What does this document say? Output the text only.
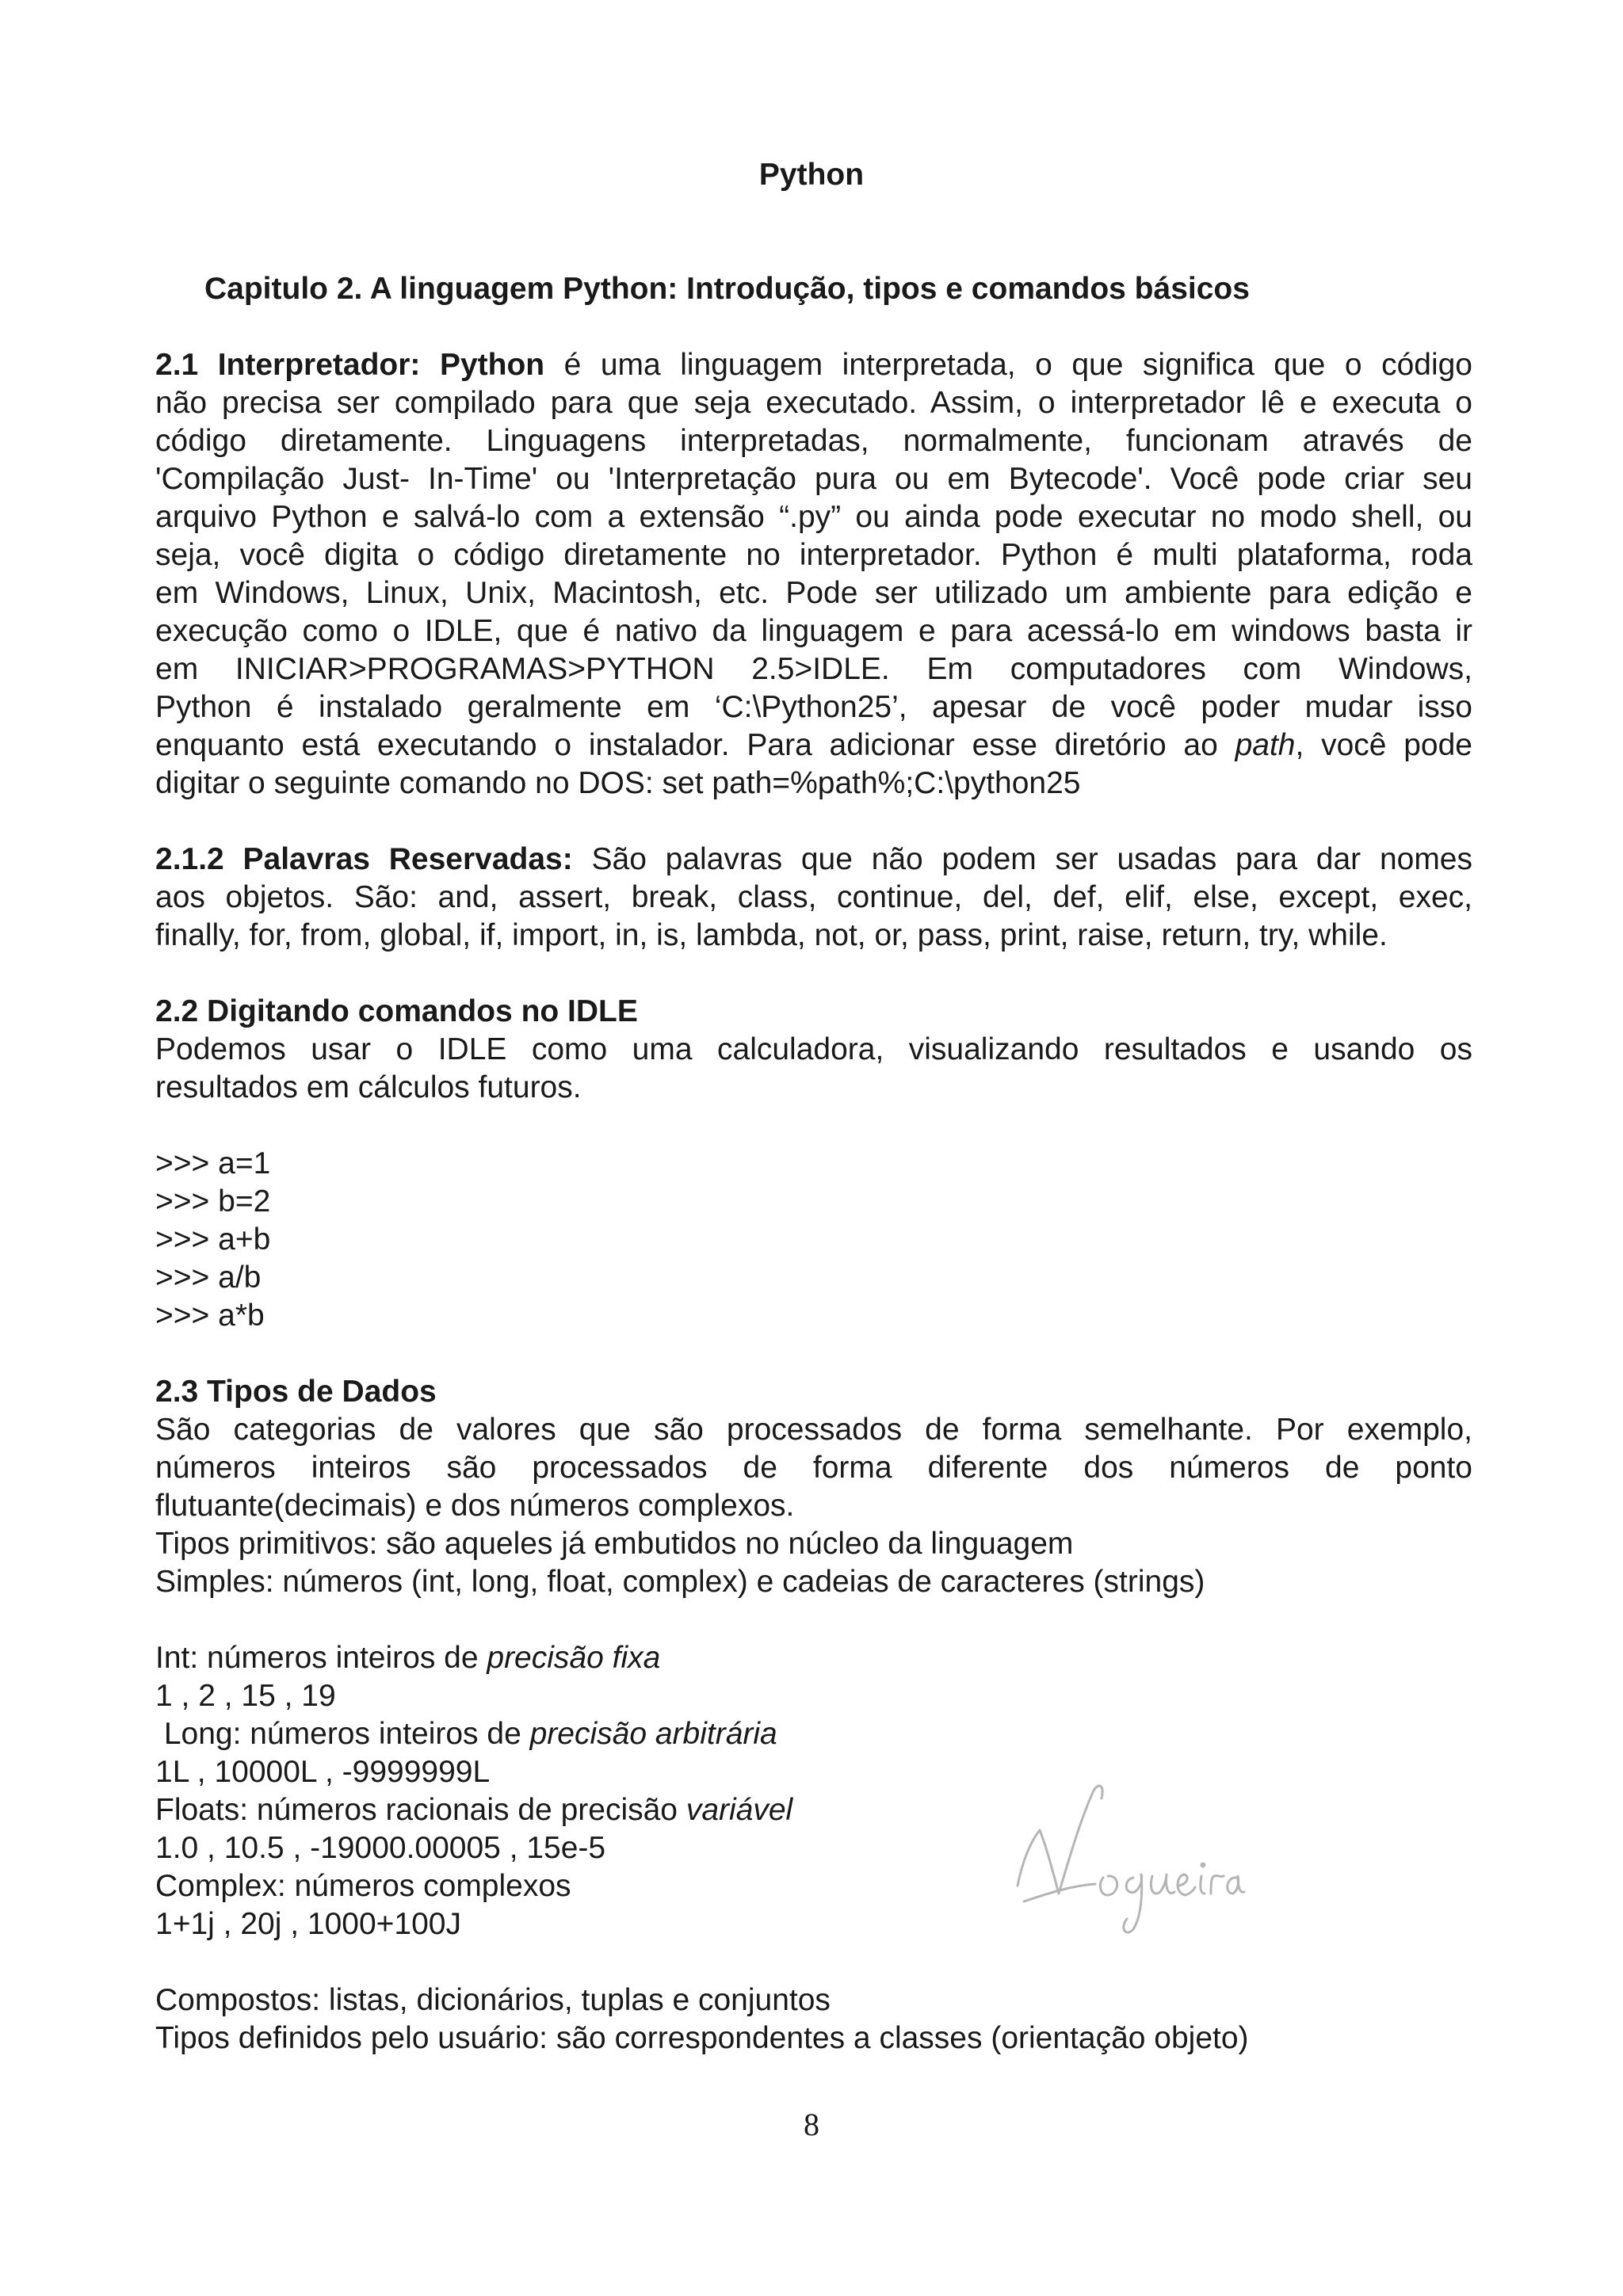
Python
Capitulo 2. A linguagem Python: Introdução, tipos e comandos básicos
2.1 Interpretador: Python é uma linguagem interpretada, o que significa que o código
não precisa ser compilado para que seja executado. Assim, o interpretador lê e executa o
código diretamente. Linguagens interpretadas, normalmente, funcionam através de
'Compilação Just- In-Time' ou 'Interpretação pura ou em Bytecode'. Você pode criar seu
arquivo Python e salvá-lo com a extensão “.py” ou ainda pode executar no modo shell, ou
seja, você digita o código diretamente no interpretador. Python é multi plataforma, roda
em Windows, Linux, Unix, Macintosh, etc. Pode ser utilizado um ambiente para edição e
execução como o IDLE, que é nativo da linguagem e para acessá-lo em windows basta ir
em INICIAR>PROGRAMAS>PYTHON 2.5>IDLE. Em computadores com Windows,
Python é instalado geralmente em ‘C:\Python25’, apesar de você poder mudar isso
enquanto está executando o instalador. Para adicionar esse diretório ao path, você pode
digitar o seguinte comando no DOS: set path=%path%;C:\python25
2.1.2 Palavras Reservadas: São palavras que não podem ser usadas para dar nomes
aos objetos. São: and, assert, break, class, continue, del, def, elif, else, except, exec,
finally, for, from, global, if, import, in, is, lambda, not, or, pass, print, raise, return, try, while.
2.2 Digitando comandos no IDLE
Podemos usar o IDLE como uma calculadora, visualizando resultados e usando os
resultados em cálculos futuros.
>>> a=1
>>> b=2
>>> a+b
>>> a/b
>>> a*b
2.3 Tipos de Dados
São categorias de valores que são processados de forma semelhante. Por exemplo,
números inteiros são processados de forma diferente dos números de ponto
flutuante(decimais) e dos números complexos.
Tipos primitivos: são aqueles já embutidos no núcleo da linguagem
Simples: números (int, long, float, complex) e cadeias de caracteres (strings)
Int: números inteiros de precisão fixa
1 , 2 , 15 , 19
Long: números inteiros de precisão arbitrária
1L , 10000L , -9999999L
Floats: números racionais de precisão variável
1.0 , 10.5 , -19000.00005 , 15e-5
Complex: números complexos
1+1j , 20j , 1000+100J
Compostos: listas, dicionários, tuplas e conjuntos
Tipos definidos pelo usuário: são correspondentes a classes (orientação objeto)
8
